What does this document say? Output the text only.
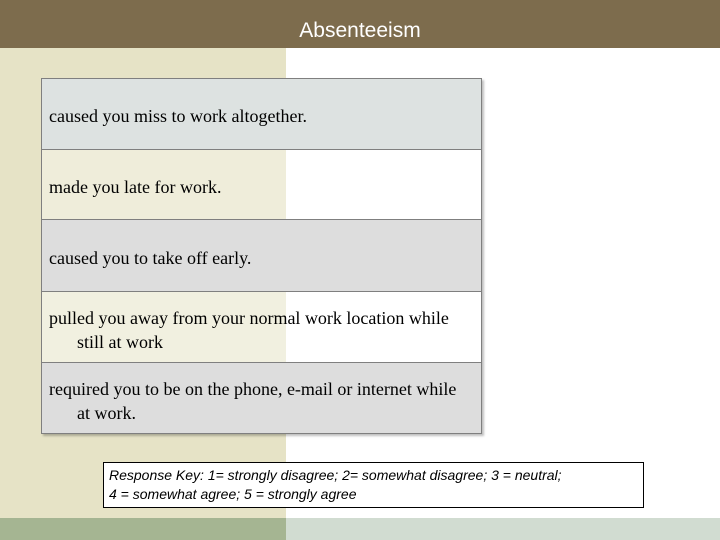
Absenteeism
caused you miss to work altogether.
made you late for work.
caused you to take off early.
pulled you away from your normal work location while still at work
required you to be on the phone, e-mail or internet while at work.
Response Key: 1= strongly disagree; 2= somewhat disagree; 3 = neutral;
4 = somewhat agree; 5 = strongly agree
